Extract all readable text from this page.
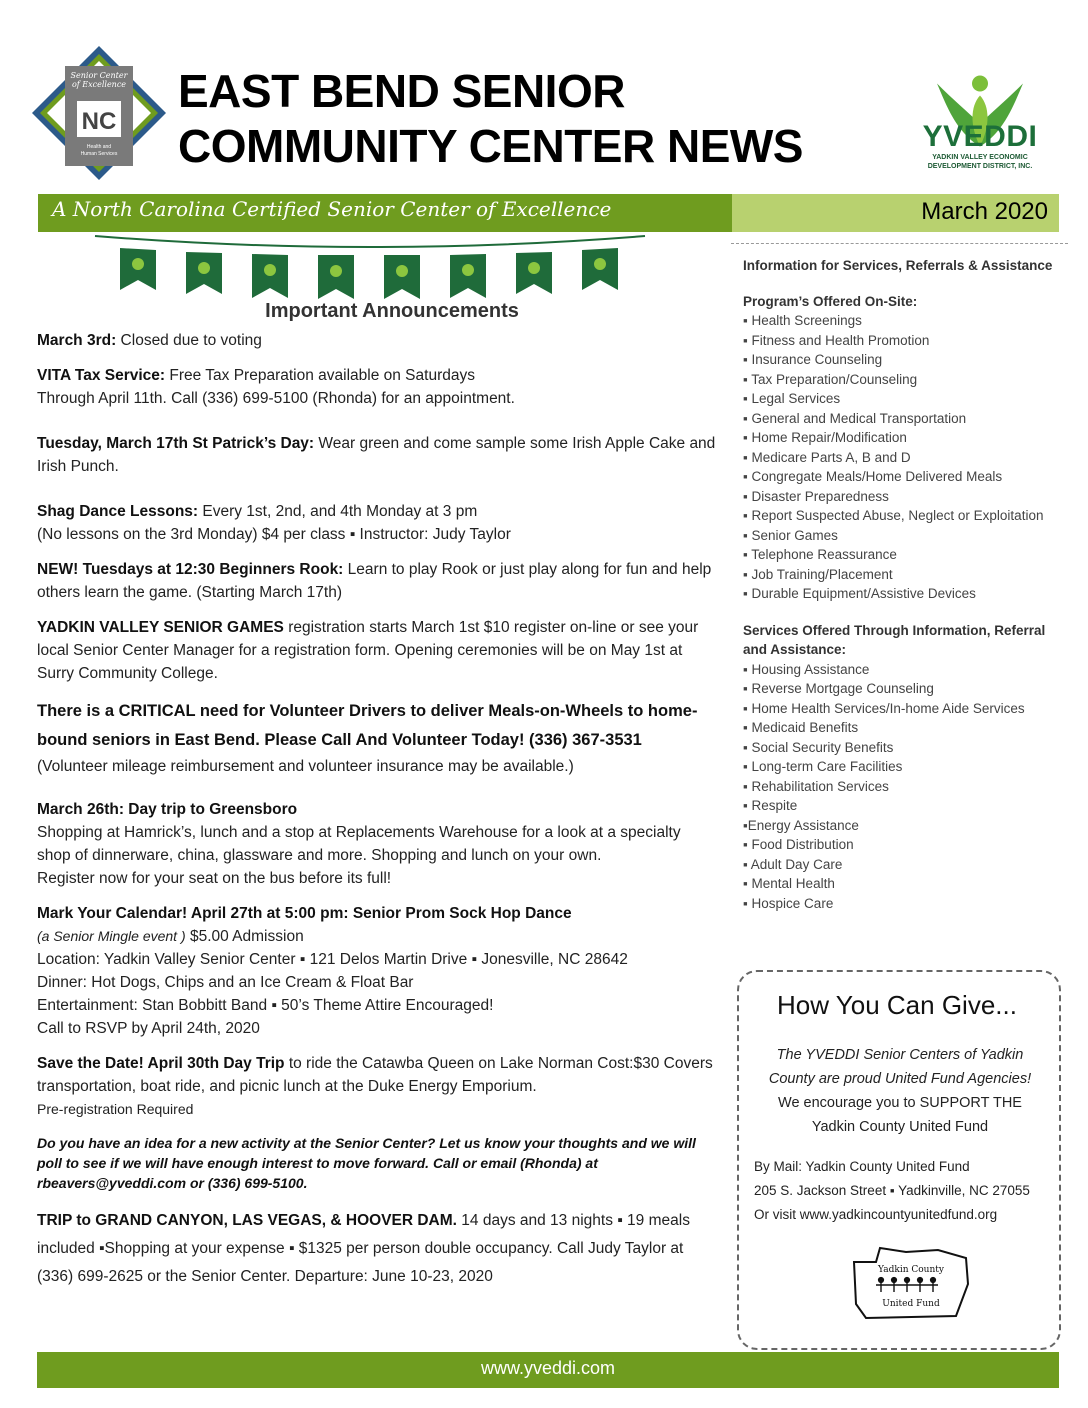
Senior Center
of Excellence
NC
Health and
Human Services
EAST BEND SENIOR
COMMUNITY CENTER NEWS	YVEDDI
YADKIN VALLEY ECONOMIC
DEVELOPMENT DISTRICT, INC.
A North Carolina Certified Senior Center of Excellence	March 2020
Important Announcements
March 3rd: Closed due to voting
VITA Tax Service: Free Tax Preparation available on Saturdays
Through April 11th. Call (336) 699-5100 (Rhonda) for an appointment.
Tuesday, March 17th St Patrick’s Day: Wear green and come sample some Irish Apple Cake and Irish Punch.
Shag Dance Lessons: Every 1st, 2nd, and 4th Monday at 3 pm
(No lessons on the 3rd Monday) $4 per class ▪ Instructor: Judy Taylor
NEW! Tuesdays at 12:30 Beginners Rook: Learn to play Rook or just play along for fun and help others learn the game. (Starting March 17th)
YADKIN VALLEY SENIOR GAMES registration starts March 1st $10 register on-line or see your local Senior Center Manager for a registration form. Opening ceremonies will be on May 1st at Surry Community College.
There is a CRITICAL need for Volunteer Drivers to deliver Meals-on-Wheels to home-bound seniors in East Bend. Please Call And Volunteer Today! (336) 367-3531
(Volunteer mileage reimbursement and volunteer insurance may be available.)
March 26th: Day trip to Greensboro
Shopping at Hamrick’s, lunch and a stop at Replacements Warehouse for a look at a specialty shop of dinnerware, china, glassware and more. Shopping and lunch on your own.
Register now for your seat on the bus before its full!
Mark Your Calendar! April 27th at 5:00 pm: Senior Prom Sock Hop Dance
(a Senior Mingle event ) $5.00 Admission
Location: Yadkin Valley Senior Center ▪ 121 Delos Martin Drive ▪ Jonesville, NC 28642
Dinner: Hot Dogs, Chips and an Ice Cream & Float Bar
Entertainment: Stan Bobbitt Band ▪ 50’s Theme Attire Encouraged!
Call to RSVP by April 24th, 2020
Save the Date! April 30th Day Trip to ride the Catawba Queen on Lake Norman Cost:$30 Covers transportation, boat ride, and picnic lunch at the Duke Energy Emporium.
Pre-registration Required
Do you have an idea for a new activity at the Senior Center? Let us know your thoughts and we will poll to see if we will have enough interest to move forward. Call or email (Rhonda) at rbeavers@yveddi.com or (336) 699-5100.
TRIP to GRAND CANYON, LAS VEGAS, & HOOVER DAM. 14 days and 13 nights ▪ 19 meals included ▪Shopping at your expense ▪ $1325 per person double occupancy. Call Judy Taylor at (336) 699-2625 or the Senior Center. Departure: June 10-23, 2020
Information for Services, Referrals & Assistance
Program’s Offered On-Site:
▪ Health Screenings
▪ Fitness and Health Promotion
▪ Insurance Counseling
▪ Tax Preparation/Counseling
▪ Legal Services
▪ General and Medical Transportation
▪ Home Repair/Modification
▪ Medicare Parts A, B and D
▪ Congregate Meals/Home Delivered Meals
▪ Disaster Preparedness
▪ Report Suspected Abuse, Neglect or Exploitation
▪ Senior Games
▪ Telephone Reassurance
▪ Job Training/Placement
▪ Durable Equipment/Assistive Devices
Services Offered Through Information, Referral and Assistance:
▪ Housing Assistance
▪ Reverse Mortgage Counseling
▪ Home Health Services/In-home Aide Services
▪ Medicaid Benefits
▪ Social Security Benefits
▪ Long-term Care Facilities
▪ Rehabilitation Services
▪ Respite
▪Energy Assistance
▪ Food Distribution
▪ Adult Day Care
▪ Mental Health
▪ Hospice Care
How You Can Give...
The YVEDDI Senior Centers of Yadkin County are proud United Fund Agencies!
We encourage you to SUPPORT THE Yadkin County United Fund
By Mail: Yadkin County United Fund
205 S. Jackson Street ▪ Yadkinville, NC 27055
Or visit www.yadkincountyunitedfund.org
Yadkin County
United Fund
www.yveddi.com
